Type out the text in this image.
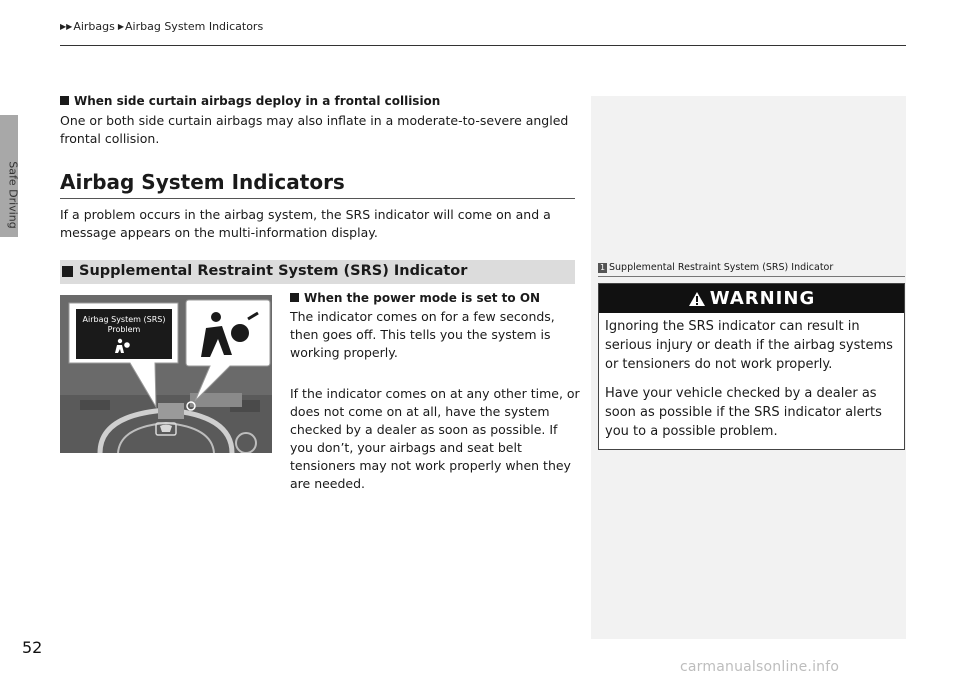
Safe Driving
▶▶ Airbags ▶ Airbag System Indicators
When side curtain airbags deploy in a frontal collision
One or both side curtain airbags may also inflate in a moderate-to-severe angled frontal collision.
Airbag System Indicators
If a problem occurs in the airbag system, the SRS indicator will come on and a message appears on the multi-information display.
Supplemental Restraint System (SRS) Indicator
Airbag System (SRS)
Problem
When the power mode is set to ON
The indicator comes on for a few seconds, then goes off. This tells you the system is working properly.
If the indicator comes on at any other time, or does not come on at all, have the system checked by a dealer as soon as possible. If you don’t, your airbags and seat belt tensioners may not work properly when they are needed.
1 Supplemental Restraint System (SRS) Indicator
WARNING
Ignoring the SRS indicator can result in serious injury or death if the airbag systems or tensioners do not work properly.
Have your vehicle checked by a dealer as soon as possible if the SRS indicator alerts you to a possible problem.
52
carmanualsonline.info
